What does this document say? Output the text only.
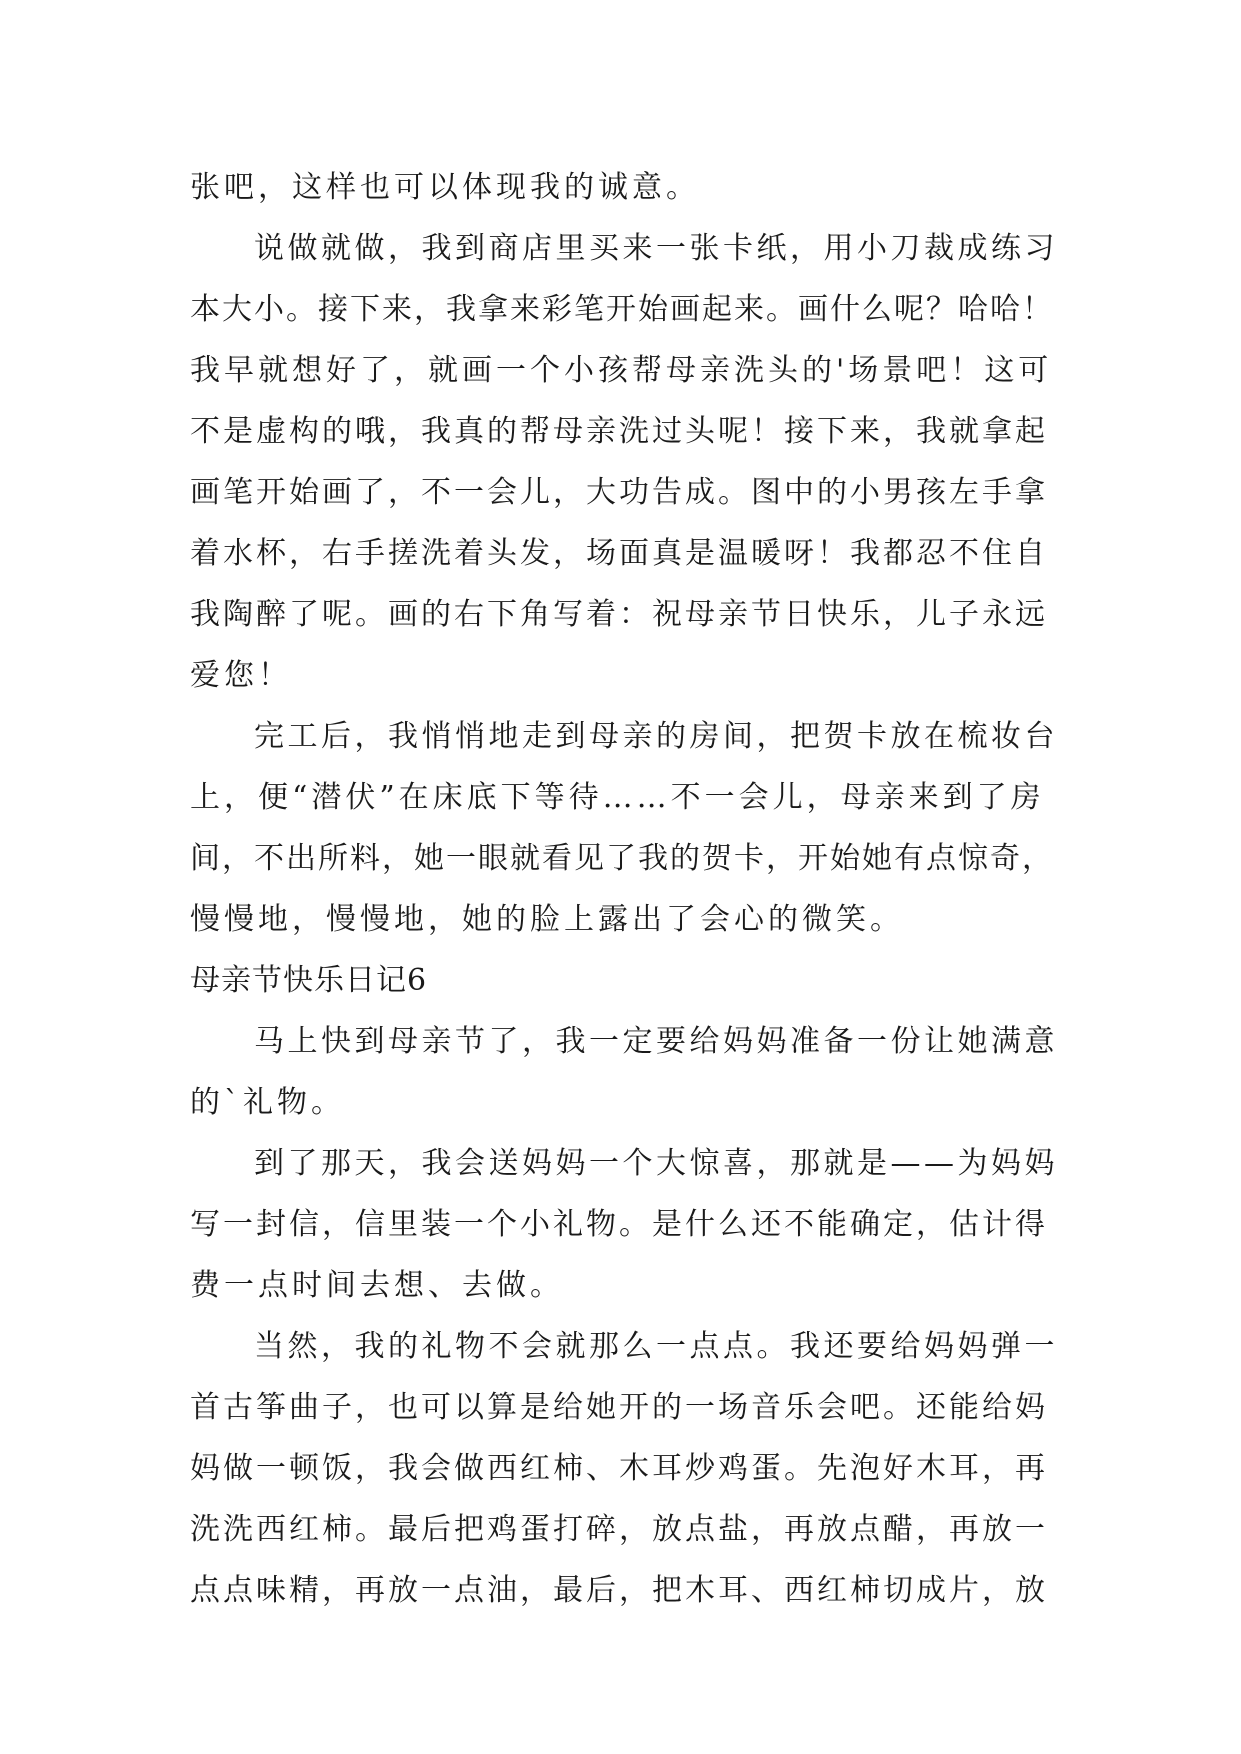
张吧，这样也可以体现我的诚意。
说做就做，我到商店里买来一张卡纸，用小刀裁成练习
本大小。接下来，我拿来彩笔开始画起来。画什么呢？哈哈！
我早就想好了，就画一个小孩帮母亲洗头的'场景吧！这可
不是虚构的哦，我真的帮母亲洗过头呢！接下来，我就拿起
画笔开始画了，不一会儿，大功告成。图中的小男孩左手拿
着水杯，右手搓洗着头发，场面真是温暖呀！我都忍不住自
我陶醉了呢。画的右下角写着：祝母亲节日快乐，儿子永远
爱您！
完工后，我悄悄地走到母亲的房间，把贺卡放在梳妆台
上，便“潜伏”在床底下等待……不一会儿，母亲来到了房
间，不出所料，她一眼就看见了我的贺卡，开始她有点惊奇，
慢慢地，慢慢地，她的脸上露出了会心的微笑。
母亲节快乐日记6
马上快到母亲节了，我一定要给妈妈准备一份让她满意
的`礼物。
到了那天，我会送妈妈一个大惊喜，那就是——为妈妈
写一封信，信里装一个小礼物。是什么还不能确定，估计得
费一点时间去想、去做。
当然，我的礼物不会就那么一点点。我还要给妈妈弹一
首古筝曲子，也可以算是给她开的一场音乐会吧。还能给妈
妈做一顿饭，我会做西红柿、木耳炒鸡蛋。先泡好木耳，再
洗洗西红柿。最后把鸡蛋打碎，放点盐，再放点醋，再放一
点点味精，再放一点油，最后，把木耳、西红柿切成片，放
